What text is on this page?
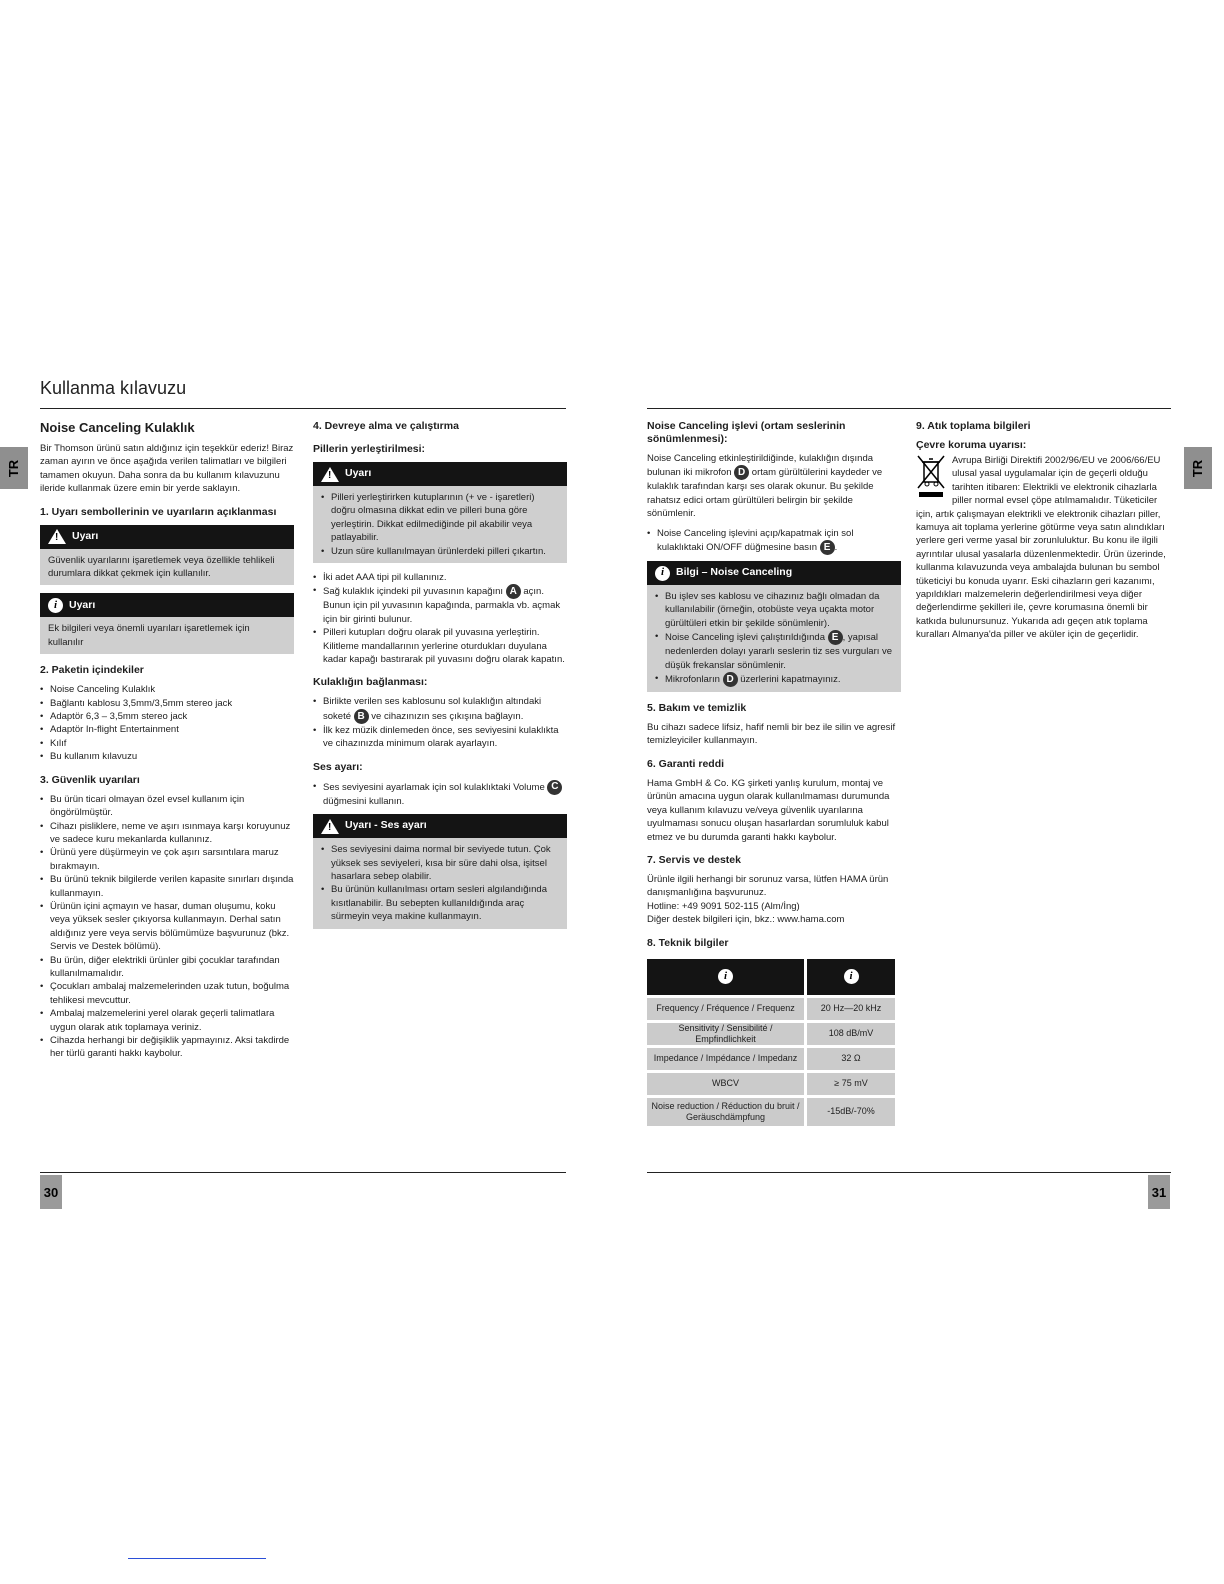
Kullanma kılavuzu
TR	TR
Noise Canceling Kulaklık

Bir Thomson ürünü satın aldığınız için teşekkür ederiz! Biraz zaman ayırın ve önce aşağıda verilen talimatları ve bilgileri tamamen okuyun. Daha sonra da bu kullanım kılavuzunu ileride kullanmak üzere emin bir yerde saklayın.

1. Uyarı sembollerinin ve uyarıların açıklanması
! Uyarı
Güvenlik uyarılarını işaretlemek veya özellikle tehlikeli durumlara dikkat çekmek için kullanılır.
i	Uyarı
Ek bilgileri veya önemli uyarıları işaretlemek için kullanılır
2. Paketin içindekiler
• Noise Canceling Kulaklık
• Bağlantı kablosu 3,5mm/3,5mm stereo jack
• Adaptör 6,3 – 3,5mm stereo jack
• Adaptör In-flight Entertainment
• Kılıf
• Bu kullanım kılavuzu
3. Güvenlik uyarıları
• Bu ürün ticari olmayan özel evsel kullanım için öngörülmüştür.
• Cihazı pisliklere, neme ve aşırı ısınmaya karşı koruyunuz ve sadece kuru mekanlarda kullanınız.
• Ürünü yere düşürmeyin ve çok aşırı sarsıntılara maruz bırakmayın.
• Bu ürünü teknik bilgilerde verilen kapasite sınırları dışında kullanmayın.
• Ürünün içini açmayın ve hasar, duman oluşumu, koku veya yüksek sesler çıkıyorsa kullanmayın. Derhal satın aldığınız yere veya servis bölümümüze başvurunuz (bkz. Servis ve Destek bölümü).
• Bu ürün, diğer elektrikli ürünler gibi çocuklar tarafından kullanılmamalıdır.
• Çocukları ambalaj malzemelerinden uzak tutun, boğulma tehlikesi mevcuttur.
• Ambalaj malzemelerini yerel olarak geçerli talimatlara uygun olarak atık toplamaya veriniz.
• Cihazda herhangi bir değişiklik yapmayınız. Aksi takdirde her türlü garanti hakkı kaybolur.
4. Devreye alma ve çalıştırma
Pillerin yerleştirilmesi:
! Uyarı
• Pilleri yerleştirirken kutuplarının (+ ve - işaretleri) doğru olmasına dikkat edin ve pilleri buna göre yerleştirin. Dikkat edilmediğinde pil akabilir veya patlayabilir.
• Uzun süre kullanılmayan ürünlerdeki pilleri çıkartın.
• İki adet AAA tipi pil kullanınız.
• Sağ kulaklık içindeki pil yuvasının kapağını A açın. Bunun için pil yuvasının kapağında, parmakla vb. açmak için bir girinti bulunur.
• Pilleri kutupları doğru olarak pil yuvasına yerleştirin. Kilitleme mandallarının yerlerine oturdukları duyulana kadar kapağı bastırarak pil yuvasını doğru olarak kapatın.
Kulaklığın bağlanması:
• Birlikte verilen ses kablosunu sol kulaklığın altındaki soketé B ve cihazınızın ses çıkışına bağlayın.
• İlk kez müzik dinlemeden önce, ses seviyesini kulaklıkta ve cihazınızda minimum olarak ayarlayın.
Ses ayarı:
• Ses seviyesini ayarlamak için sol kulaklıktaki Volume C düğmesini kullanın.
! Uyarı - Ses ayarı
• Ses seviyesini daima normal bir seviyede tutun. Çok yüksek ses seviyeleri, kısa bir süre dahi olsa, işitsel hasarlara sebep olabilir.
• Bu ürünün kullanılması ortam sesleri algılandığında kısıtlanabilir. Bu sebepten kullanıldığında araç sürmeyin veya makine kullanmayın.
Noise Canceling işlevi (ortam seslerinin sönümlenmesi):

Noise Canceling etkinleştirildiğinde, kulaklığın dışında bulunan iki mikrofon D ortam gürültülerini kaydeder ve kulaklık tarafından karşı ses olarak okunur. Bu şekilde rahatsız edici ortam gürültüleri belirgin bir şekilde sönümlenir.

• Noise Canceling işlevini açıp/kapatmak için sol kulaklıktaki ON/OFF düğmesine basın E .
i	Bilgi – Noise Canceling
• Bu işlev ses kablosu ve cihazınız bağlı olmadan da kullanılabilir (örneğin, otobüste veya uçakta motor gürültüleri etkin bir şekilde sönümlenir).
• Noise Canceling işlevi çalıştırıldığında E , yapısal nedenlerden dolayı yararlı seslerin tiz ses vurguları ve düşük frekanslar sönümlenir.
• Mikrofonların D üzerlerini kapatmayınız.
5. Bakım ve temizlik

Bu cihazı sadece lifsiz, hafif nemli bir bez ile silin ve agresif temizleyiciler kullanmayın.

6. Garanti reddi

Hama GmbH & Co. KG şirketi yanlış kurulum, montaj ve ürünün amacına uygun olarak kullanılmaması durumunda veya kullanım kılavuzu ve/veya güvenlik uyarılarına uyulmaması sonucu oluşan hasarlardan sorumluluk kabul etmez ve bu durumda garanti hakkı kaybolur.

7. Servis ve destek
Ürünle ilgili herhangi bir sorunuz varsa, lütfen HAMA ürün danışmanlığına başvurunuz.
Hotline: +49 9091 502-115 (Alm/İng)
Diğer destek bilgileri için, bkz.: www.hama.com
8. Teknik bilgiler
i	i
Frequency / Fréquence / Frequenz	20 Hz—20 kHz
Sensitivity / Sensibilité / Empfindlichkeit	108 dB/mV
Impedance / Impédance / Impedanz	32 Ω
WBCV	≥ 75 mV
Noise reduction / Réduction du bruit / Geräuschdämpfung	-15dB/-70%
9. Atık toplama bilgileri
Çevre koruma uyarısı:

Avrupa Birliği Direktifi 2002/96/EU ve 2006/66/EU ulusal yasal uygulamalar için de geçerli olduğu tarihten itibaren: Elektrikli ve elektronik cihazlarla piller normal evsel çöpe atılmamalıdır. Tüketiciler için, artık çalışmayan elektrikli ve elektronik cihazları piller, kamuya ait toplama yerlerine götürme veya satın alındıkları yerlere geri verme yasal bir zorunluluktur. Bu konu ile ilgili ayrıntılar ulusal yasalarla düzenlenmektedir. Ürün üzerinde, kullanma kılavuzunda veya ambalajda bulunan bu sembol tüketiciyi bu konuda uyarır. Eski cihazların geri kazanımı, yapıldıkları malzemelerin değerlendirilmesi veya diğer değerlendirme şekilleri ile, çevre korumasına önemli bir katkıda bulunursunuz. Yukarıda adı geçen atık toplama kuralları Almanya'da piller ve aküler için de geçerlidir.

30	31
